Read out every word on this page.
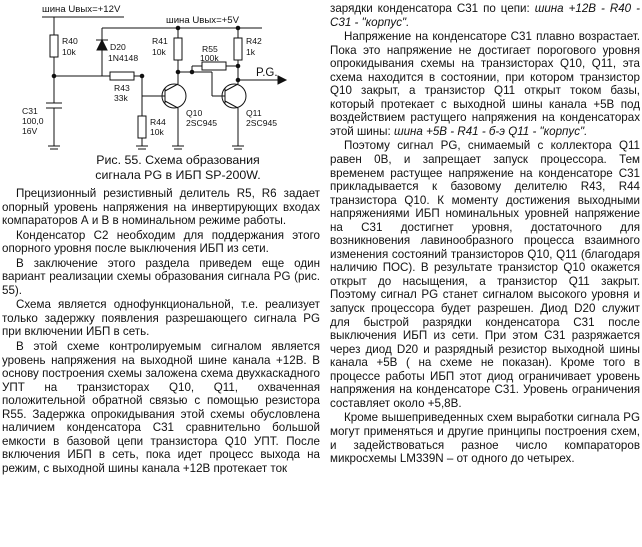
шина Uвых=+12V
шина Uвых=+5V
P.G.
R40
10k	D20
1N4148
R41
10k	R55
100k
R42
1k
R43
33k
C31
100,0
16V
R44
10k
Q10
2SC945
Q11
2SC945
Рис. 55. Схема образования
сигнала PG в ИБП SP-200W.

Прецизионный резистивный делитель R5, R6 задает опорный уровень напряжения на инвертирующих входах компараторов А и В в номинальном режиме работы.

Конденсатор С2 необходим для поддержания этого опорного уровня после выключения ИБП из сети.

В заключение этого раздела приведем еще один вариант реализации схемы образования сигнала PG (рис. 55).

Схема является однофункциональной, т.е. реализует только задержку появления разрешающего сигнала PG при включении ИБП в сеть.

В этой схеме контролируемым сигналом является уровень напряжения на выходной шине канала +12В. В основу построения схемы заложена схема двухкаскадного УПТ на транзисторах Q10, Q11, охваченная положительной обратной связью с помощью резистора R55. Задержка опрокидывания этой схемы обусловлена наличием конденсатора С31 сравнительно большой емкости в базовой цепи транзистора Q10 УПТ. После включения ИБП в сеть, пока идет процесс выхода на режим, с выходной шины канала +12В протекает ток

зарядки конденсатора С31 по цепи: шина +12В - R40 - С31 - "корпус".

Напряжение на конденсаторе С31 плавно возрастает. Пока это напряжение не достигает порогового уровня опрокидывания схемы на транзисторах Q10, Q11, эта схема находится в состоянии, при котором транзистор Q10 закрыт, а транзистор Q11 открыт током базы, который протекает с выходной шины канала +5В под воздействием растущего напряжения на конденсаторах этой шины: шина +5В - R41 - б-э Q11 - "корпус".

Поэтому сигнал PG, снимаемый с коллектора Q11 равен 0В, и запрещает запуск процессора. Тем временем растущее напряжение на конденсаторе С31 прикладывается к базовому делителю R43, R44 транзистора Q10. К моменту достижения выходными напряжениями ИБП номинальных уровней напряжение на С31 достигнет уровня, достаточного для возникновения лавинообразного процесса взаимного изменения состояний транзисторов Q10, Q11 (благодаря наличию ПОС). В результате транзистор Q10 окажется открыт до насыщения, а транзистор Q11 закрыт. Поэтому сигнал PG станет сигналом высокого уровня и запуск процессора будет разрешен. Диод D20 служит для быстрой разрядки конденсатора С31 после выключения ИБП из сети. При этом С31 разряжается через диод D20 и разрядный резистор выходной шины канала +5В ( на схеме не показан). Кроме того в процессе работы ИБП этот диод ограничивает уровень напряжения на конденсаторе С31. Уровень ограничения составляет около +5,8В.

Кроме вышеприведенных схем выработки сигнала PG могут применяться и другие принципы построения схем, и задействоваться разное число компараторов микросхемы LM339N – от одного до четырех.
